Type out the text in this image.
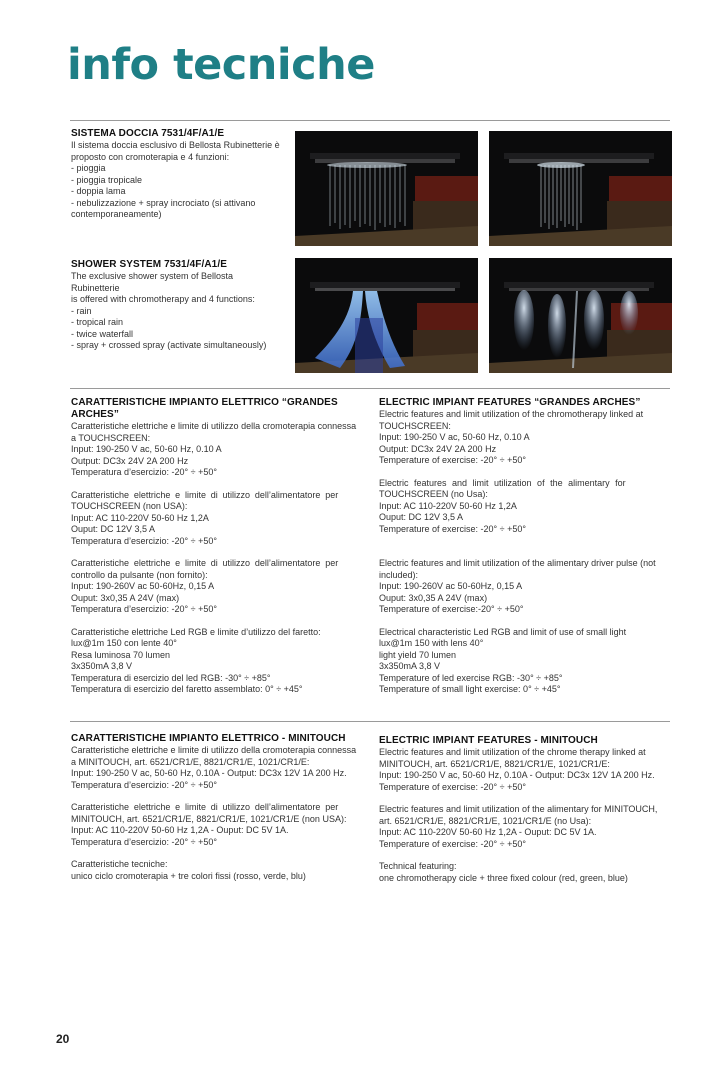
info tecniche

SISTEMA DOCCIA 7531/4F/A1/E

Il sistema doccia esclusivo di Bellosta Rubinetterie è

proposto con cromoterapia e 4 funzioni:

- pioggia

- pioggia tropicale

- doppia lama

- nebulizzazione + spray incrociato (si attivano

contemporaneamente)

SHOWER SYSTEM 7531/4F/A1/E

The exclusive shower system of Bellosta Rubinetterie

is offered with chromotherapy and 4 functions:

- rain

- tropical rain

- twice waterfall

- spray + crossed spray (activate simultaneously)

CARATTERISTICHE IMPIANTO ELETTRICO “GRANDES ARCHES”

Caratteristiche elettriche e limite di utilizzo della cromoterapia connessa

a TOUCHSCREEN:

Input: 190-250 V ac, 50-60 Hz, 0.10 A

Output: DC3x 24V 2A 200 Hz

Temperatura d’esercizio: -20° ÷ +50°

Caratteristiche elettriche e limite di utilizzo dell’alimentatore per

TOUCHSCREEN (non USA):

Input: AC 110-220V 50-60 Hz 1,2A

Ouput: DC 12V 3,5 A

Temperatura d’esercizio: -20° ÷ +50°

Caratteristiche elettriche e limite di utilizzo dell’alimentatore per

controllo da pulsante (non fornito):

Input: 190-260V ac 50-60Hz, 0,15 A

Ouput: 3x0,35 A 24V (max)

Temperatura d’esercizio: -20° ÷ +50°

Caratteristiche elettriche Led RGB e limite d’utilizzo del faretto:

lux@1m 150 con lente 40°

Resa luminosa 70 lumen

3x350mA 3,8 V

Temperatura di esercizio del led RGB: -30° ÷ +85°

Temperatura di esercizio del faretto assemblato: 0° ÷ +45°

ELECTRIC IMPIANT FEATURES “GRANDES ARCHES”

Electric features and limit utilization of the chromotherapy linked at

TOUCHSCREEN:

Input: 190-250 V ac, 50-60 Hz, 0.10 A

Output: DC3x 24V 2A 200 Hz

Temperature of exercise: -20° ÷ +50°

Electric features and limit utilization of the alimentary for

TOUCHSCREEN (no Usa):

Input: AC 110-220V 50-60 Hz 1,2A

Ouput: DC 12V 3,5 A

Temperature of exercise: -20° ÷ +50°

Electric features and limit utilization of the alimentary driver pulse (not

included):

Input: 190-260V ac 50-60Hz, 0,15 A

Ouput: 3x0,35 A 24V (max)

Temperature of exercise:-20° ÷ +50°

Electrical characteristic Led RGB and limit of use of small light

lux@1m 150 with lens 40°

light yield 70 lumen

3x350mA 3,8 V

Temperature of led exercise RGB: -30° ÷ +85°

Temperature of small light exercise: 0° ÷ +45°

CARATTERISTICHE IMPIANTO ELETTRICO - MINITOUCH

Caratteristiche elettriche e limite di utilizzo della cromoterapia connessa

a MINITOUCH, art. 6521/CR1/E, 8821/CR1/E, 1021/CR1/E:

Input: 190-250 V ac, 50-60 Hz, 0.10A - Output: DC3x 12V 1A 200 Hz.

Temperatura d’esercizio: -20° ÷ +50°

Caratteristiche elettriche e limite di utilizzo dell’alimentatore per

MINITOUCH, art. 6521/CR1/E, 8821/CR1/E, 1021/CR1/E (non USA):

Input: AC 110-220V 50-60 Hz 1,2A - Ouput: DC 5V 1A.

Temperatura d’esercizio: -20° ÷ +50°

Caratteristiche tecniche:

unico ciclo cromoterapia + tre colori fissi (rosso, verde, blu)

ELECTRIC IMPIANT FEATURES - MINITOUCH

Electric features and limit utilization of the chrome therapy linked at

MINITOUCH, art. 6521/CR1/E, 8821/CR1/E, 1021/CR1/E:

Input: 190-250 V ac, 50-60 Hz, 0.10A - Output: DC3x 12V 1A 200 Hz.

Temperature of exercise: -20° ÷ +50°

Electric features and limit utilization of the alimentary for MINITOUCH,

art. 6521/CR1/E, 8821/CR1/E, 1021/CR1/E (no Usa):

Input: AC 110-220V 50-60 Hz 1,2A - Ouput: DC 5V 1A.

Temperature of exercise: -20° ÷ +50°

Technical featuring:

one chromotherapy cicle + three fixed colour (red, green, blue)

20
